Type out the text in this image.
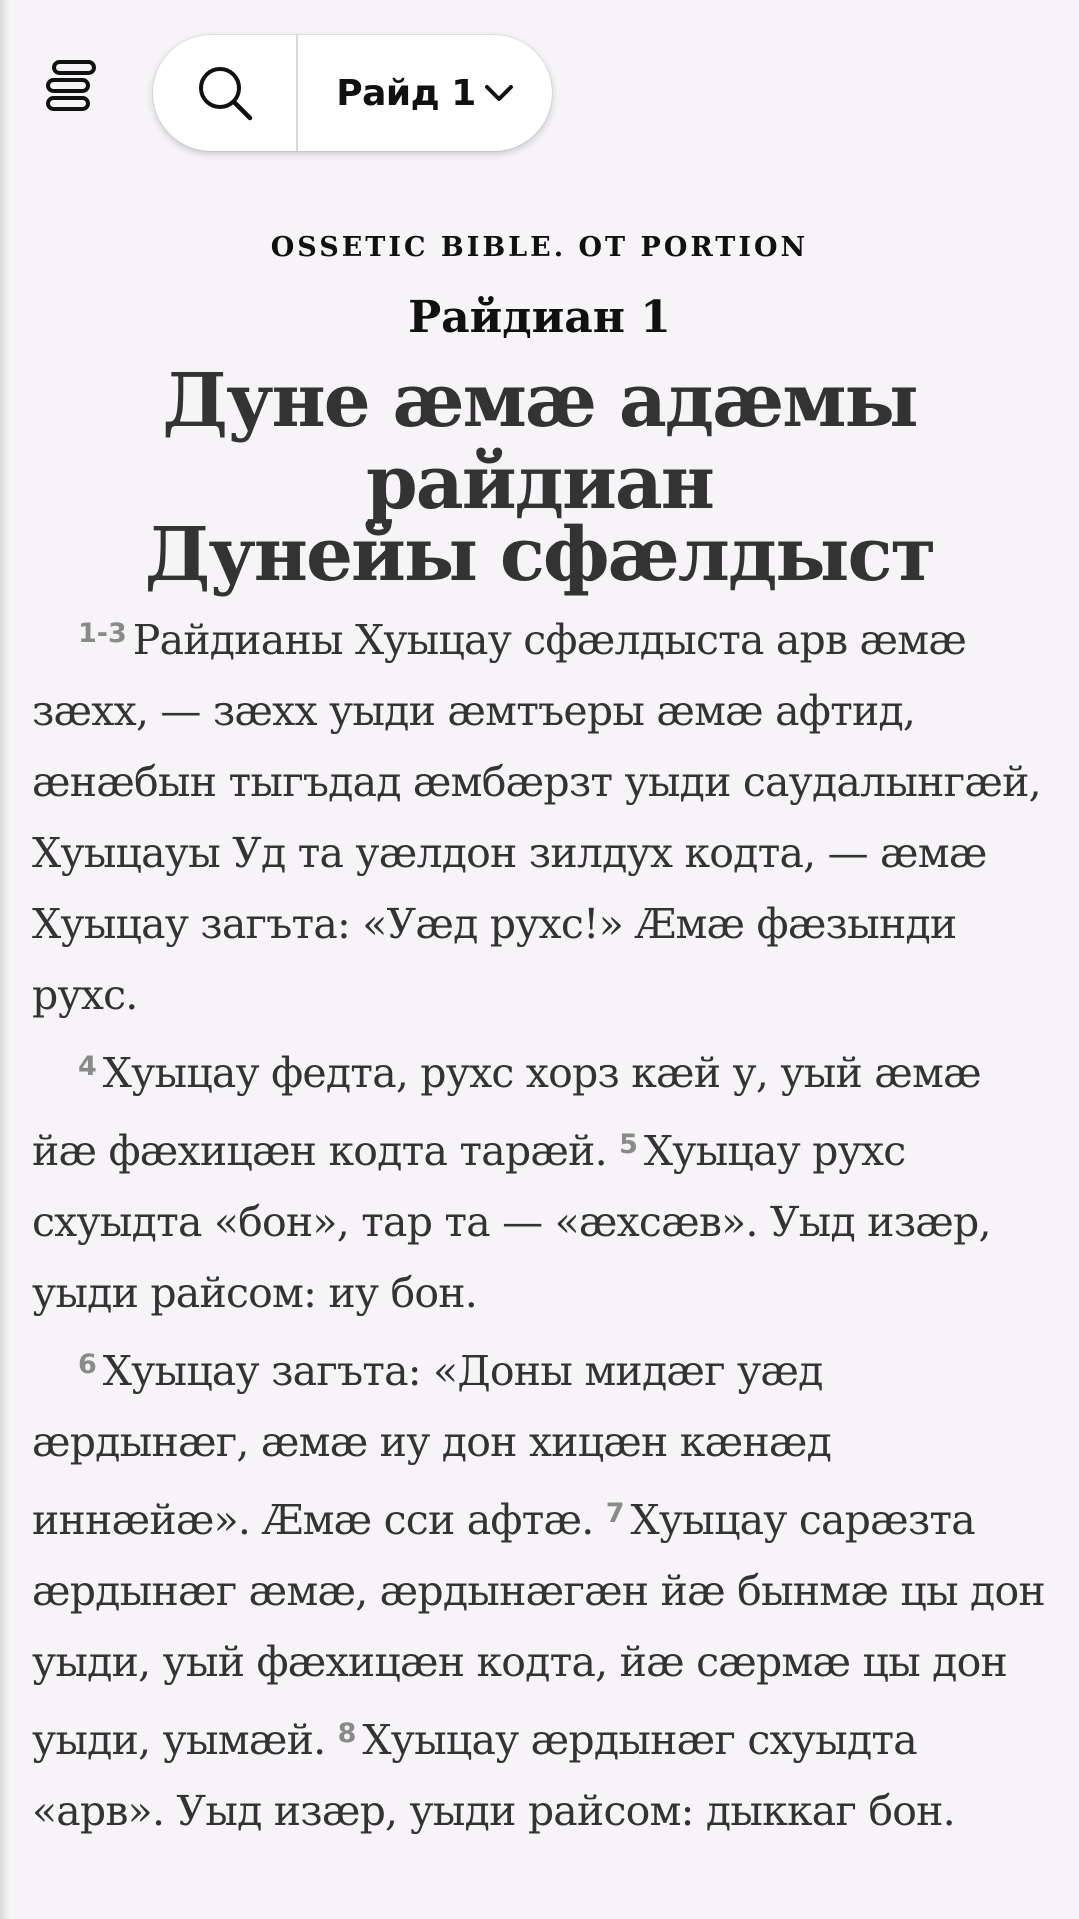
Райд 1
OSSETIC BIBLE. OT PORTION
Райдиан 1
Дуне æмæ адæмы
райдиан
Дунейы сфæлдыст

$^{1-3}$ Райдианы Хуыцау сфæлдыста арв æмæ зæхх, — зæхх уыди æмтъеры æмæ афтид, æнæбын тыгъдад æмбæрзт уыди саудалынгæй, Хуыцауы Уд та уæлдон зилдух кодта, — æмæ Хуыцау загъта: «Уæд рухс!» Æмæ фæзынди рухс.

$^4$ Хуыцау федта, рухс хорз кæй у, уый æмæ йæ фæхицæн кодта тарæй. $^5$ Хуыцау рухс схуыдта «бон», тар та — «æхсæв». Уыд изæр, уыди райсом: иу бон.

$^6$ Хуыцау загъта: «Доны мидæг уæд æрдынæг, æмæ иу дон хицæн кæнæд иннæйæ». Æмæ сси афтæ. $^7$ Хуыцау сарæзта æрдынæг æмæ, æрдынæгæн йæ бынмæ цы дон уыди, уый фæхицæн кодта, йæ сæрмæ цы дон уыди, уымæй. $^8$ Хуыцау æрдынæг схуыдта «арв». Уыд изæр, уыди райсом: дыккаг бон.
